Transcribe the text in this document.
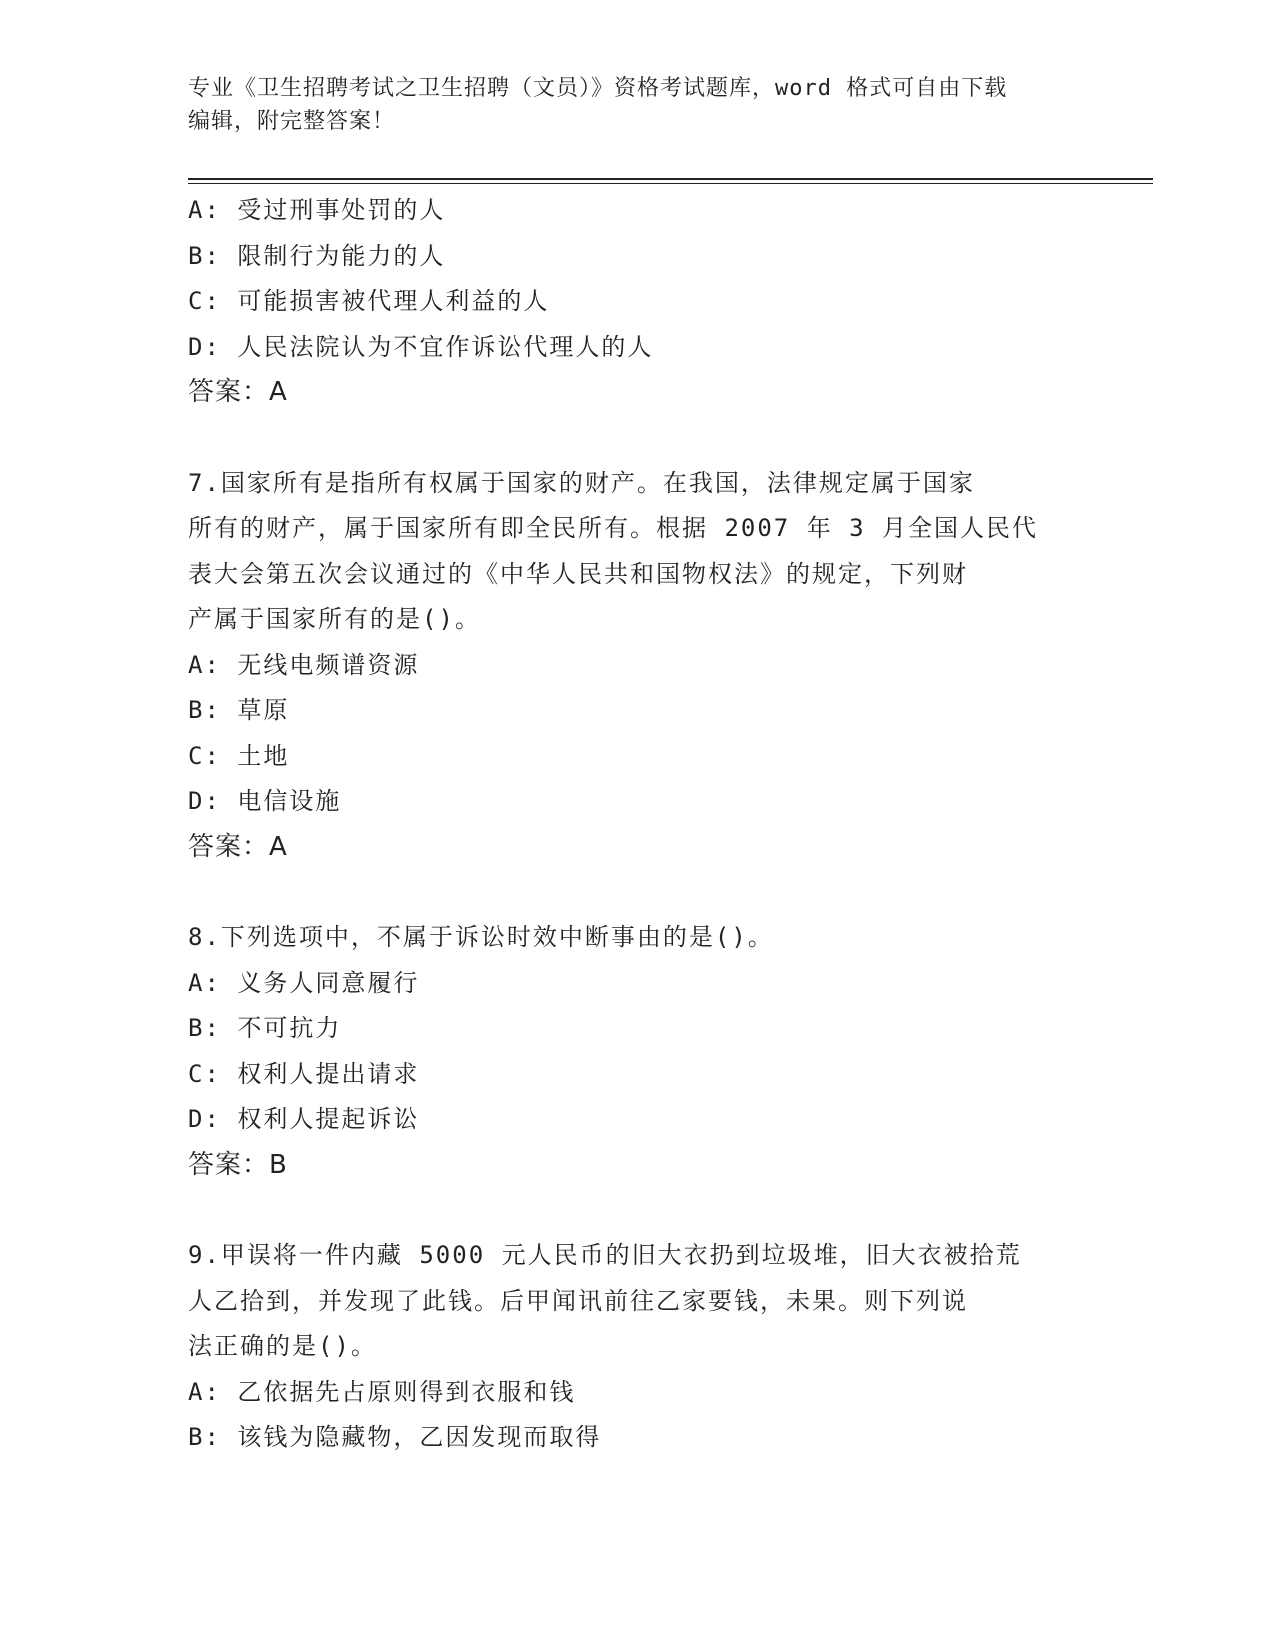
专业《卫生招聘考试之卫生招聘（文员）》资格考试题库，word 格式可自由下载
编辑，附完整答案！
A: 受过刑事处罚的人
B: 限制行为能力的人
C: 可能损害被代理人利益的人
D: 人民法院认为不宜作诉讼代理人的人
答案：A
7.国家所有是指所有权属于国家的财产。在我国，法律规定属于国家
所有的财产，属于国家所有即全民所有。根据 2007 年 3 月全国人民代
表大会第五次会议通过的《中华人民共和国物权法》的规定，下列财
产属于国家所有的是()。
A: 无线电频谱资源
B: 草原
C: 土地
D: 电信设施
答案：A
8.下列选项中，不属于诉讼时效中断事由的是()。
A: 义务人同意履行
B: 不可抗力
C: 权利人提出请求
D: 权利人提起诉讼
答案：B
9.甲误将一件内藏 5000 元人民币的旧大衣扔到垃圾堆，旧大衣被拾荒
人乙拾到，并发现了此钱。后甲闻讯前往乙家要钱，未果。则下列说
法正确的是()。
A: 乙依据先占原则得到衣服和钱
B: 该钱为隐藏物，乙因发现而取得
